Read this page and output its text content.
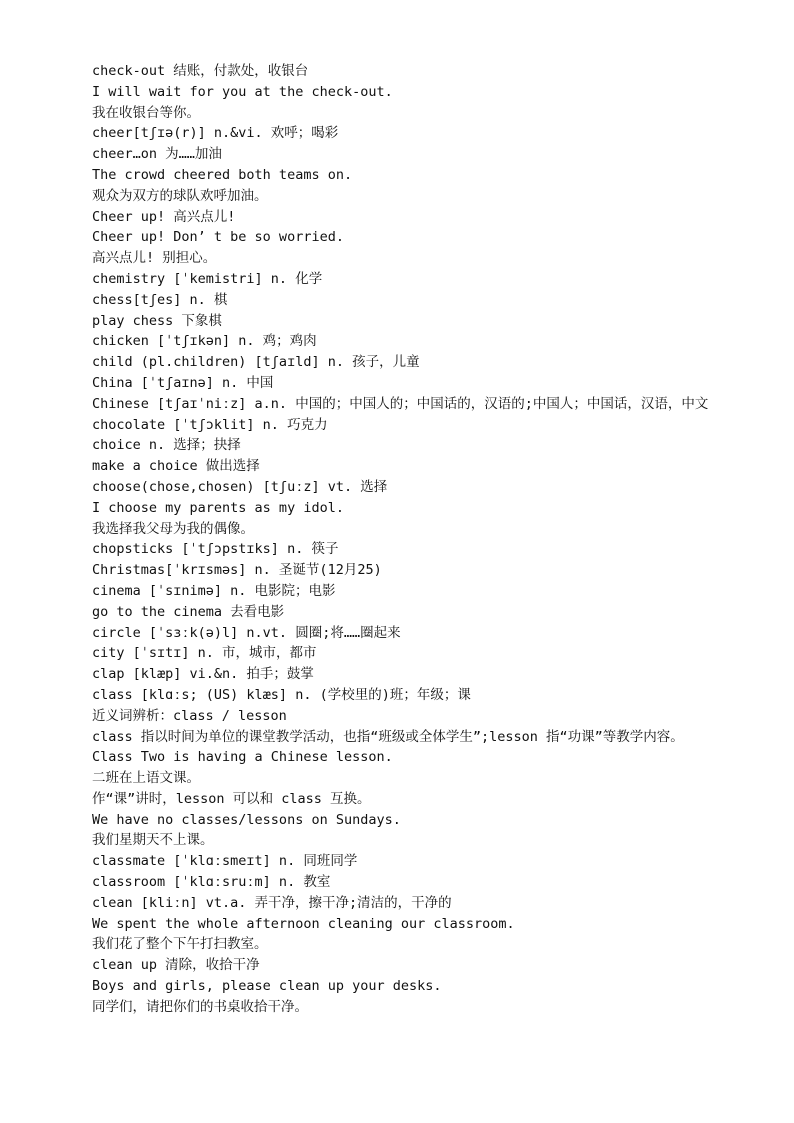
check-out 结账，付款处，收银台

I will wait for you at the check-out.

我在收银台等你。

cheer[tʃɪə(r)] n.&vi. 欢呼；喝彩

cheer…on 为……加油

The crowd cheered both teams on.

观众为双方的球队欢呼加油。

Cheer up! 高兴点儿!

Cheer up! Don’ t be so worried.

高兴点儿! 别担心。

chemistry [ˈkemistri] n. 化学

chess[tʃes] n. 棋

play chess 下象棋

chicken [ˈtʃɪkən] n. 鸡；鸡肉

child (pl.children) [tʃaɪld] n. 孩子，儿童

China [ˈtʃaɪnə] n. 中国

Chinese [tʃaɪˈniːz] a.n. 中国的；中国人的；中国话的，汉语的;中国人；中国话，汉语，中文

chocolate [ˈtʃɔklit] n. 巧克力

choice n. 选择；抉择

make a choice 做出选择

choose(chose,chosen) [tʃuːz] vt. 选择

I choose my parents as my idol.

我选择我父母为我的偶像。

chopsticks [ˈtʃɔpstɪks] n. 筷子

Christmas[ˈkrɪsməs] n. 圣诞节(12月25)

cinema [ˈsɪnimə] n. 电影院；电影

go to the cinema 去看电影

circle [ˈsɜːk(ə)l] n.vt. 圆圈;将……圈起来

city [ˈsɪtɪ] n. 市，城市，都市

clap [klæp] vi.&n. 拍手；鼓掌

class [klɑːs; (US) klæs] n. (学校里的)班；年级；课

近义词辨析：class / lesson

class 指以时间为单位的课堂教学活动，也指“班级或全体学生”;lesson 指“功课”等教学内容。

Class Two is having a Chinese lesson.

二班在上语文课。

作“课”讲时，lesson 可以和 class 互换。

We have no classes/lessons on Sundays.

我们星期天不上课。

classmate [ˈklɑːsmeɪt] n. 同班同学

classroom [ˈklɑːsruːm] n. 教室

clean [kliːn] vt.a. 弄干净，擦干净;清洁的，干净的

We spent the whole afternoon cleaning our classroom.

我们花了整个下午打扫教室。

clean up 清除，收拾干净

Boys and girls, please clean up your desks.

同学们，请把你们的书桌收拾干净。
